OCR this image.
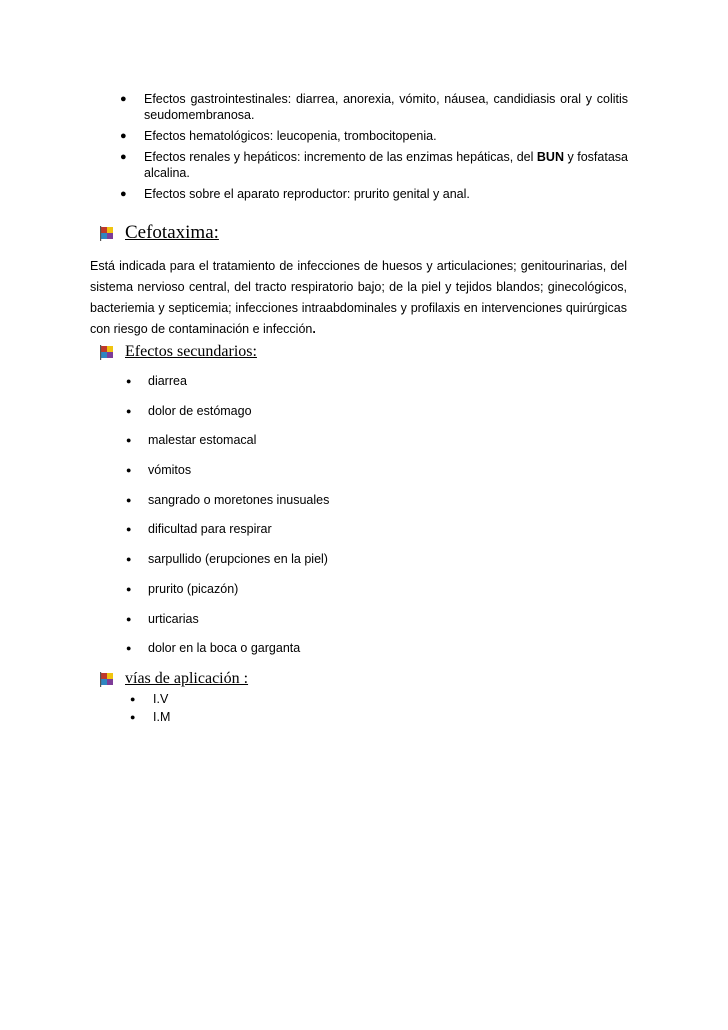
● Efectos gastrointestinales: diarrea, anorexia, vómito, náusea, candidiasis oral y colitis seudomembranosa.
● Efectos hematológicos: leucopenia, trombocitopenia.
● Efectos renales y hepáticos: incremento de las enzimas hepáticas, del BUN y fosfatasa alcalina.
● Efectos sobre el aparato reproductor: prurito genital y anal.
Cefotaxima:

Está indicada para el tratamiento de infecciones de huesos y articulaciones; genitourinarias, del sistema nervioso central, del tracto respiratorio bajo; de la piel y tejidos blandos; ginecológicos, bacteriemia y septicemia; infecciones intraabdominales y profilaxis en intervenciones quirúrgicas con riesgo de contaminación e infección.

Efectos secundarios:
● diarrea
● dolor de estómago
● malestar estomacal
● vómitos
● sangrado o moretones inusuales
● dificultad para respirar
● sarpullido (erupciones en la piel)
● prurito (picazón)
● urticarias
● dolor en la boca o garganta
vías de aplicación :
● I.V
● I.M
